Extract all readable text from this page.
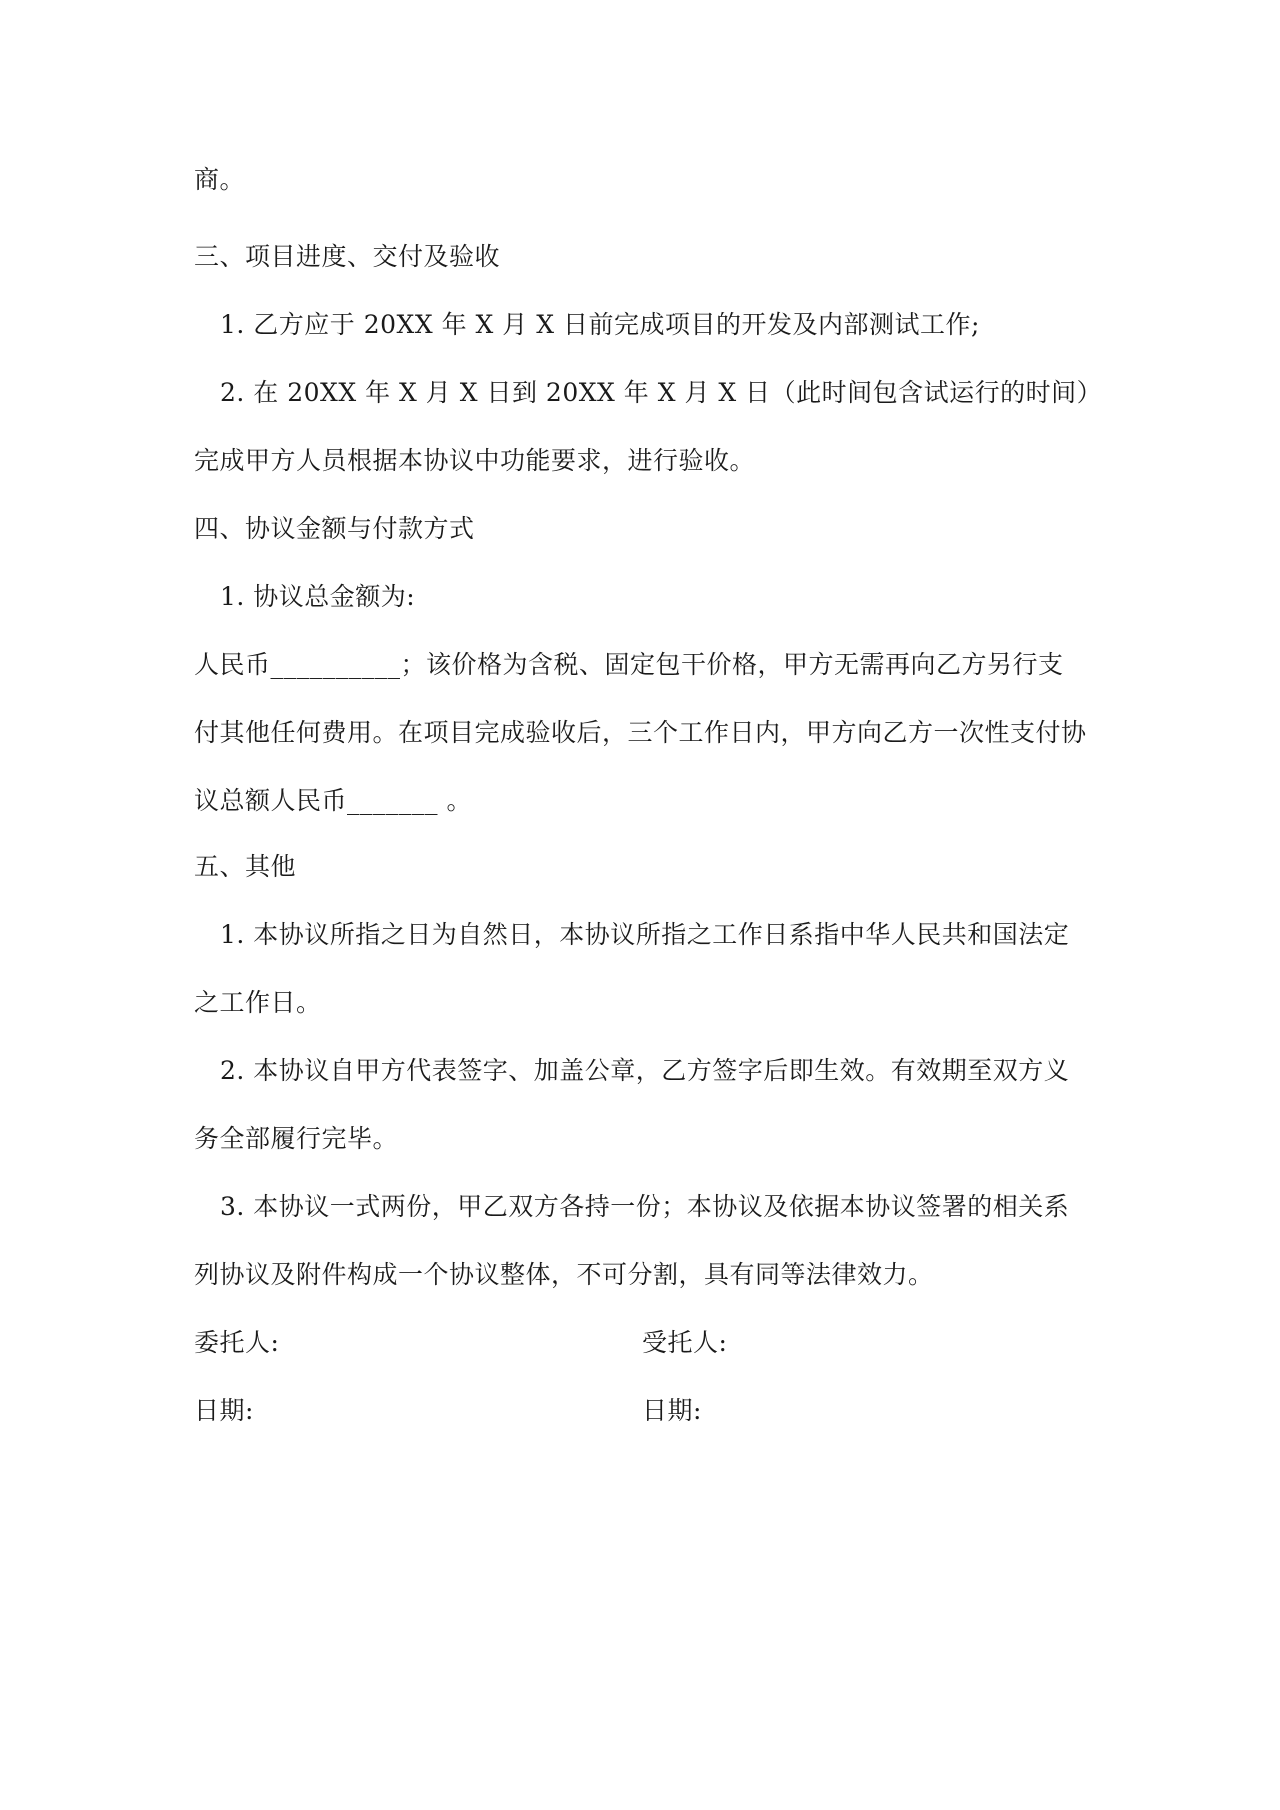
商。
三、项目进度、交付及验收
1. 乙方应于 20XX 年 X 月 X 日前完成项目的开发及内部测试工作;
2. 在 20XX 年 X 月 X 日到 20XX 年 X 月 X 日（此时间包含试运行的时间）
完成甲方人员根据本协议中功能要求，进行验收。
四、协议金额与付款方式
1. 协议总金额为:
人民币__________；该价格为含税、固定包干价格，甲方无需再向乙方另行支
付其他任何费用。在项目完成验收后，三个工作日内，甲方向乙方一次性支付协
议总额人民币_______ 。
五、其他
1. 本协议所指之日为自然日，本协议所指之工作日系指中华人民共和国法定
之工作日。
2. 本协议自甲方代表签字、加盖公章，乙方签字后即生效。有效期至双方义
务全部履行完毕。
3. 本协议一式两份，甲乙双方各持一份；本协议及依据本协议签署的相关系
列协议及附件构成一个协议整体，不可分割，具有同等法律效力。
委托人:	受托人:
日期:	日期:
